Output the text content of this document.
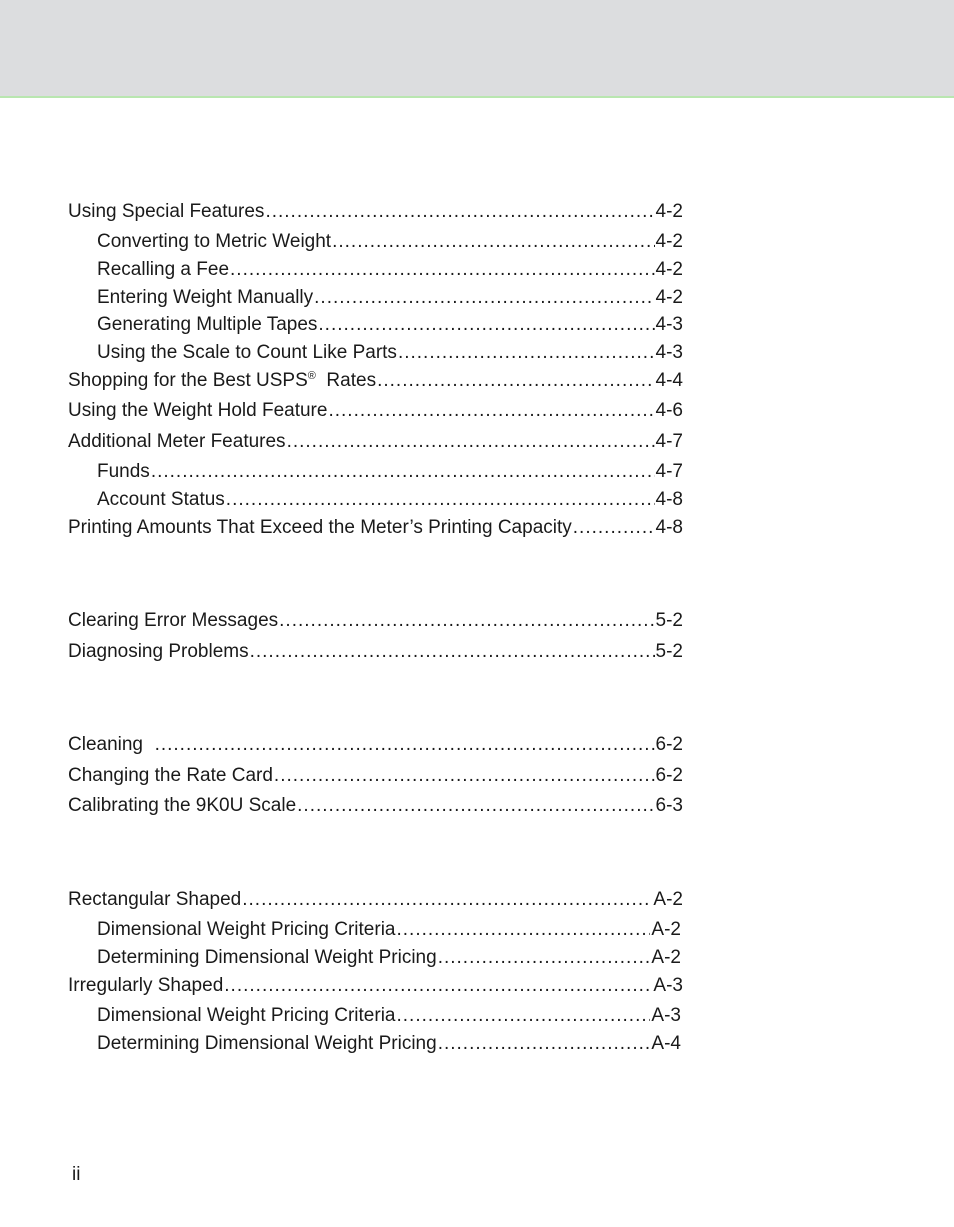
Using Special Features .....	4-2
Converting to Metric Weight .....	4-2
Recalling a Fee .....	4-2
Entering Weight Manually .....	4-2
Generating Multiple Tapes .....	4-3
Using the Scale to Count Like Parts .....	4-3
Shopping for the Best USPS®  Rates .....	4-4
Using the Weight Hold Feature .....	4-6
Additional Meter Features .....	4-7
Funds .....	4-7
Account Status .....	4-8
Printing Amounts That Exceed the Meter’s Printing Capacity .....	4-8
Clearing Error Messages .....	5-2
Diagnosing Problems .....	5-2
Cleaning .....	6-2
Changing the Rate Card .....	6-2
Calibrating the 9K0U Scale .....	6-3
Rectangular Shaped .....	A-2
Dimensional Weight Pricing Criteria .....	A-2
Determining Dimensional Weight Pricing .....	A-2
Irregularly Shaped .....	A-3
Dimensional Weight Pricing Criteria .....	A-3
Determining Dimensional Weight Pricing .....	A-4
ii
